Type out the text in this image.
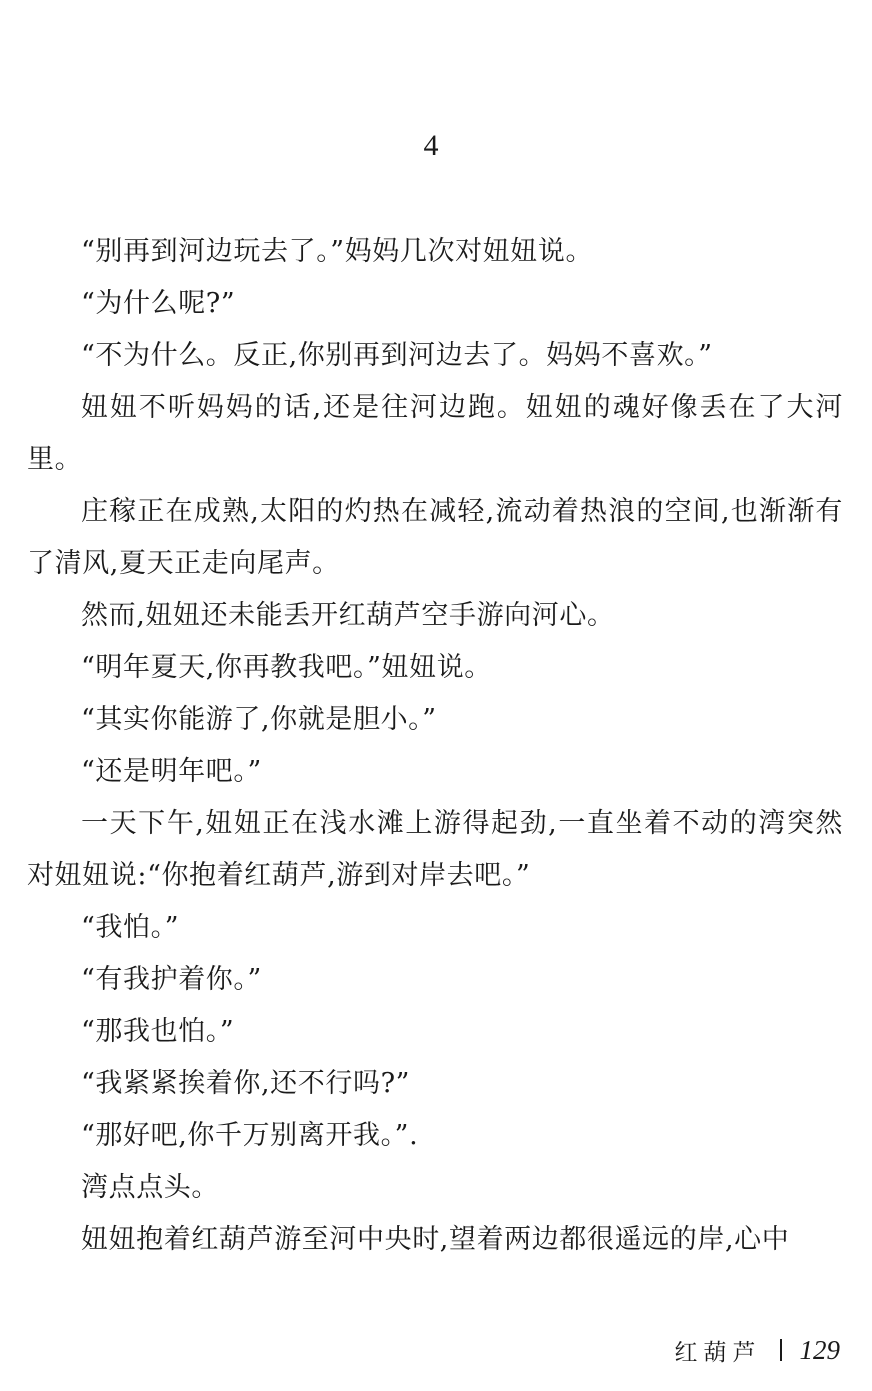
4

“别再到河边玩去了。”妈妈几次对妞妞说。

“为什么呢?”

“不为什么。反正,你别再到河边去了。妈妈不喜欢。”

妞妞不听妈妈的话,还是往河边跑。妞妞的魂好像丢在了大河里。

庄稼正在成熟,太阳的灼热在减轻,流动着热浪的空间,也渐渐有了清风,夏天正走向尾声。

然而,妞妞还未能丢开红葫芦空手游向河心。

“明年夏天,你再教我吧。”妞妞说。

“其实你能游了,你就是胆小。”

“还是明年吧。”

一天下午,妞妞正在浅水滩上游得起劲,一直坐着不动的湾突然对妞妞说:“你抱着红葫芦,游到对岸去吧。”

“我怕。”

“有我护着你。”

“那我也怕。”

“我紧紧挨着你,还不行吗?”

“那好吧,你千万别离开我。”.

湾点点头。

妞妞抱着红葫芦游至河中央时,望着两边都很遥远的岸,心中

红葫芦 129
